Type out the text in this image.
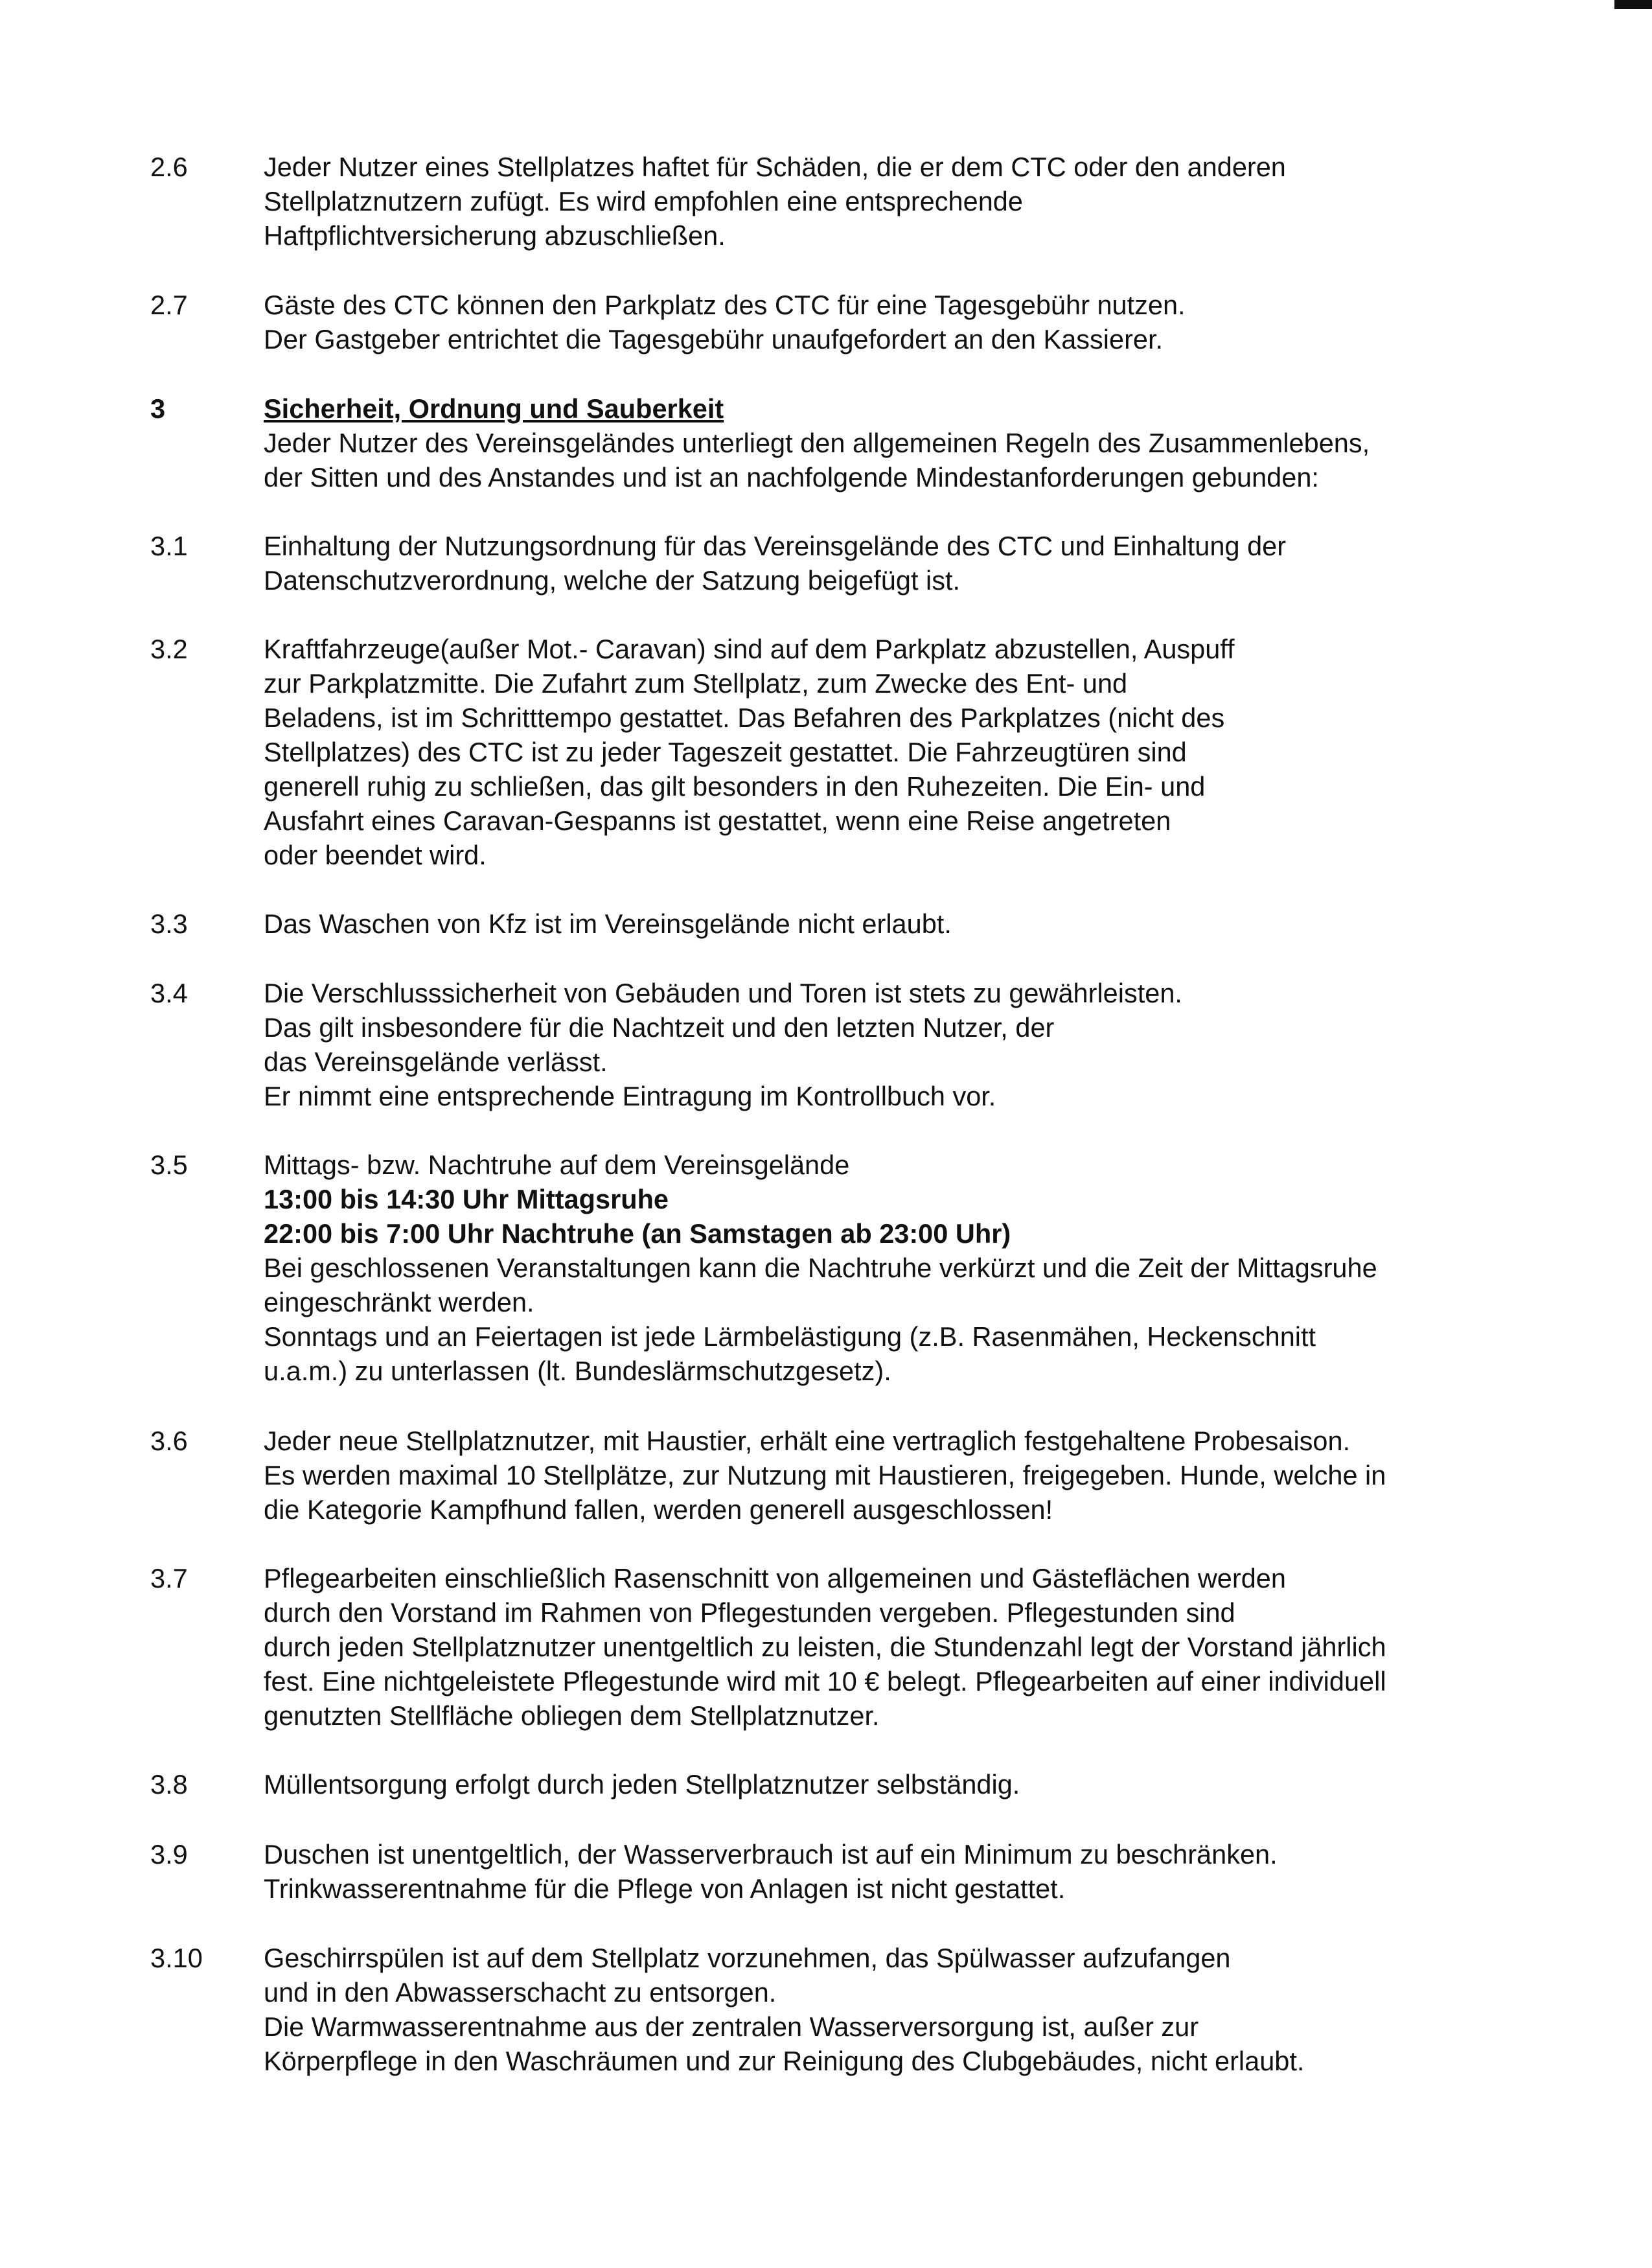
2.6	Jeder Nutzer eines Stellplatzes haftet für Schäden, die er dem CTC oder den anderen
Stellplatznutzern zufügt. Es wird empfohlen eine entsprechende
Haftpflichtversicherung abzuschließen.
2.7	Gäste des CTC können den Parkplatz des CTC für eine Tagesgebühr nutzen.
Der Gastgeber entrichtet die Tagesgebühr unaufgefordert an den Kassierer.
3	Sicherheit, Ordnung und Sauberkeit
Jeder Nutzer des Vereinsgeländes unterliegt den allgemeinen Regeln des Zusammenlebens,
der Sitten und des Anstandes und ist an nachfolgende Mindestanforderungen gebunden:
3.1	Einhaltung der Nutzungsordnung für das Vereinsgelände des CTC und Einhaltung der
Datenschutzverordnung, welche der Satzung beigefügt ist.
3.2	Kraftfahrzeuge(außer Mot.- Caravan) sind auf dem Parkplatz abzustellen, Auspuff
zur Parkplatzmitte. Die Zufahrt zum Stellplatz, zum Zwecke des Ent- und
Beladens, ist im Schritttempo gestattet. Das Befahren des Parkplatzes (nicht des
Stellplatzes) des CTC ist zu jeder Tageszeit gestattet. Die Fahrzeugtüren sind
generell ruhig zu schließen, das gilt besonders in den Ruhezeiten. Die Ein- und
Ausfahrt eines Caravan-Gespanns ist gestattet, wenn eine Reise angetreten
oder beendet wird.
3.3	Das Waschen von Kfz ist im Vereinsgelände nicht erlaubt.
3.4	Die Verschlusssicherheit von Gebäuden und Toren ist stets zu gewährleisten.
Das gilt insbesondere für die Nachtzeit und den letzten Nutzer, der
das Vereinsgelände verlässt.
Er nimmt eine entsprechende Eintragung im Kontrollbuch vor.
3.5	Mittags- bzw. Nachtruhe auf dem Vereinsgelände
13:00 bis 14:30 Uhr Mittagsruhe
22:00 bis 7:00 Uhr Nachtruhe (an Samstagen ab 23:00 Uhr)
Bei geschlossenen Veranstaltungen kann die Nachtruhe verkürzt und die Zeit der Mittagsruhe
eingeschränkt werden.
Sonntags und an Feiertagen ist jede Lärmbelästigung (z.B. Rasenmähen, Heckenschnitt
u.a.m.) zu unterlassen (lt. Bundeslärmschutzgesetz).
3.6	Jeder neue Stellplatznutzer, mit Haustier, erhält eine vertraglich festgehaltene Probesaison.
Es werden maximal 10 Stellplätze, zur Nutzung mit Haustieren, freigegeben. Hunde, welche in
die Kategorie Kampfhund fallen, werden generell ausgeschlossen!
3.7	Pflegearbeiten einschließlich Rasenschnitt von allgemeinen und Gästeflächen werden
durch den Vorstand im Rahmen von Pflegestunden vergeben. Pflegestunden sind
durch jeden Stellplatznutzer unentgeltlich zu leisten, die Stundenzahl legt der Vorstand jährlich
fest. Eine nichtgeleistete Pflegestunde wird mit 10 € belegt. Pflegearbeiten auf einer individuell
genutzten Stellfläche obliegen dem Stellplatznutzer.
3.8	Müllentsorgung erfolgt durch jeden Stellplatznutzer selbständig.
3.9	Duschen ist unentgeltlich, der Wasserverbrauch ist auf ein Minimum zu beschränken.
Trinkwasserentnahme für die Pflege von Anlagen ist nicht gestattet.
3.10	Geschirrspülen ist auf dem Stellplatz vorzunehmen, das Spülwasser aufzufangen
und in den Abwasserschacht zu entsorgen.
Die Warmwasserentnahme aus der zentralen Wasserversorgung ist, außer zur
Körperpflege in den Waschräumen und zur Reinigung des Clubgebäudes, nicht erlaubt.
